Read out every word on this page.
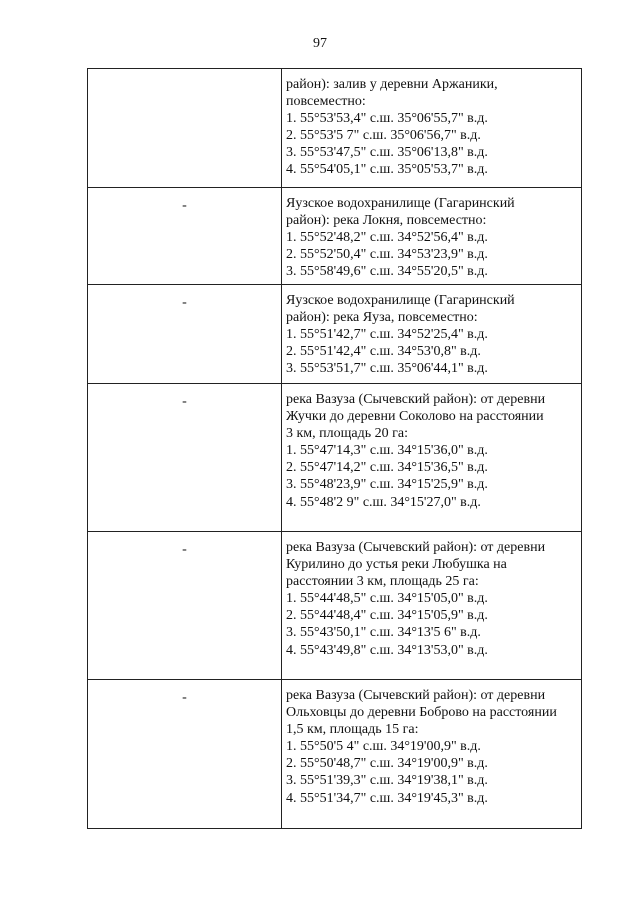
97
район): залив у деревни Аржаники,
повсеместно:
1. 55°53'53,4" с.ш. 35°06'55,7" в.д.
2. 55°53'5 7" с.ш. 35°06'56,7" в.д.
3. 55°53'47,5" с.ш. 35°06'13,8" в.д.
4. 55°54'05,1" с.ш. 35°05'53,7" в.д.
-	Яузское водохранилище (Гагаринский
район): река Локня, повсеместно:
1. 55°52'48,2" с.ш. 34°52'56,4" в.д.
2. 55°52'50,4" с.ш. 34°53'23,9" в.д.
3. 55°58'49,6" с.ш. 34°55'20,5" в.д.
-	Яузское водохранилище (Гагаринский
район): река Яуза, повсеместно:
1. 55°51'42,7" с.ш. 34°52'25,4" в.д.
2. 55°51'42,4" с.ш. 34°53'0,8" в.д.
3. 55°53'51,7" с.ш. 35°06'44,1" в.д.
-	река Вазуза (Сычевский район): от деревни
Жучки до деревни Соколово на расстоянии
3 км, площадь 20 га:
1. 55°47'14,3" с.ш. 34°15'36,0" в.д.
2. 55°47'14,2" с.ш. 34°15'36,5" в.д.
3. 55°48'23,9" с.ш. 34°15'25,9" в.д.
4. 55°48'2 9" с.ш. 34°15'27,0" в.д.
-	река Вазуза (Сычевский район): от деревни
Курилино до устья реки Любушка на
расстоянии 3 км, площадь 25 га:
1. 55°44'48,5" с.ш. 34°15'05,0" в.д.
2. 55°44'48,4" с.ш. 34°15'05,9" в.д.
3. 55°43'50,1" с.ш. 34°13'5 6" в.д.
4. 55°43'49,8" с.ш. 34°13'53,0" в.д.
-	река Вазуза (Сычевский район): от деревни
Ольховцы до деревни Боброво на расстоянии
1,5 км, площадь 15 га:
1. 55°50'5 4" с.ш. 34°19'00,9" в.д.
2. 55°50'48,7" с.ш. 34°19'00,9" в.д.
3. 55°51'39,3" с.ш. 34°19'38,1" в.д.
4. 55°51'34,7" с.ш. 34°19'45,3" в.д.
